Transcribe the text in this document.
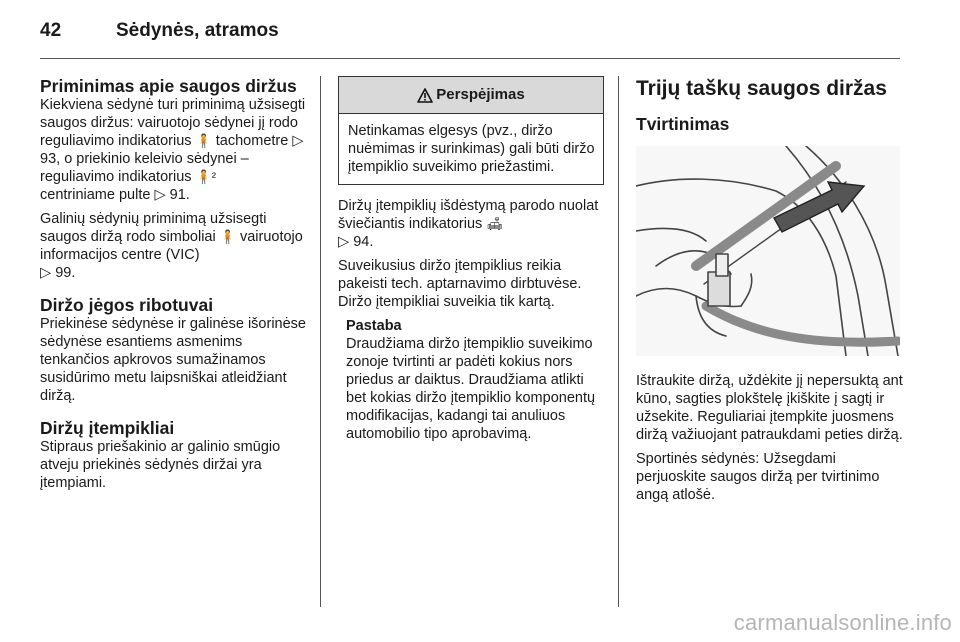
42	Sėdynės, atramos
Priminimas apie saugos diržus

Kiekviena sėdynė turi priminimą užsisegti saugos diržus: vairuotojo sėdynei jį rodo reguliavimo indikatorius 🧍 tachometre ▷ 93, o priekinio keleivio sėdynei – reguliavimo indikatorius 🧍²
centriniame pulte ▷ 91.

Galinių sėdynių priminimą užsisegti saugos diržą rodo simboliai 🧍 vairuotojo informacijos centre (VIC)
▷ 99.

Diržo jėgos ribotuvai

Priekinėse sėdynėse ir galinėse išorinėse sėdynėse esantiems asmenims tenkančios apkrovos sumažinamos susidūrimo metu laipsniškai atleidžiant diržą.

Diržų įtempikliai

Stipraus priešakinio ar galinio smūgio atveju priekinės sėdynės diržai yra įtempiami.

Perspėjimas
Netinkamas elgesys (pvz., diržo nuėmimas ir surinkimas) gali būti diržo įtempiklio suveikimo priežastimi.

Diržų įtempiklių išdėstymą parodo nuolat šviečiantis indikatorius 🛋
▷ 94.

Suveikusius diržo įtempiklius reikia pakeisti tech. aptarnavimo dirbtuvėse. Diržo įtempikliai suveikia tik kartą.

Pastaba
Draudžiama diržo įtempiklio suveikimo zonoje tvirtinti ar padėti kokius nors priedus ar daiktus. Draudžiama atlikti bet kokias diržo įtempiklio komponentų modifikacijas, kadangi tai anuliuos automobilio tipo aprobavimą.
Trijų taškų saugos diržas
Tvirtinimas

Ištraukite diržą, uždėkite jį nepersuktą ant kūno, sagties plokštelę įkiškite į sagtį ir užsekite. Reguliariai įtempkite juosmens diržą važiuojant patraukdami peties diržą.

Sportinės sėdynės: Užsegdami perjuoskite saugos diržą per tvirtinimo angą atlošė.

carmanualsonline.info
